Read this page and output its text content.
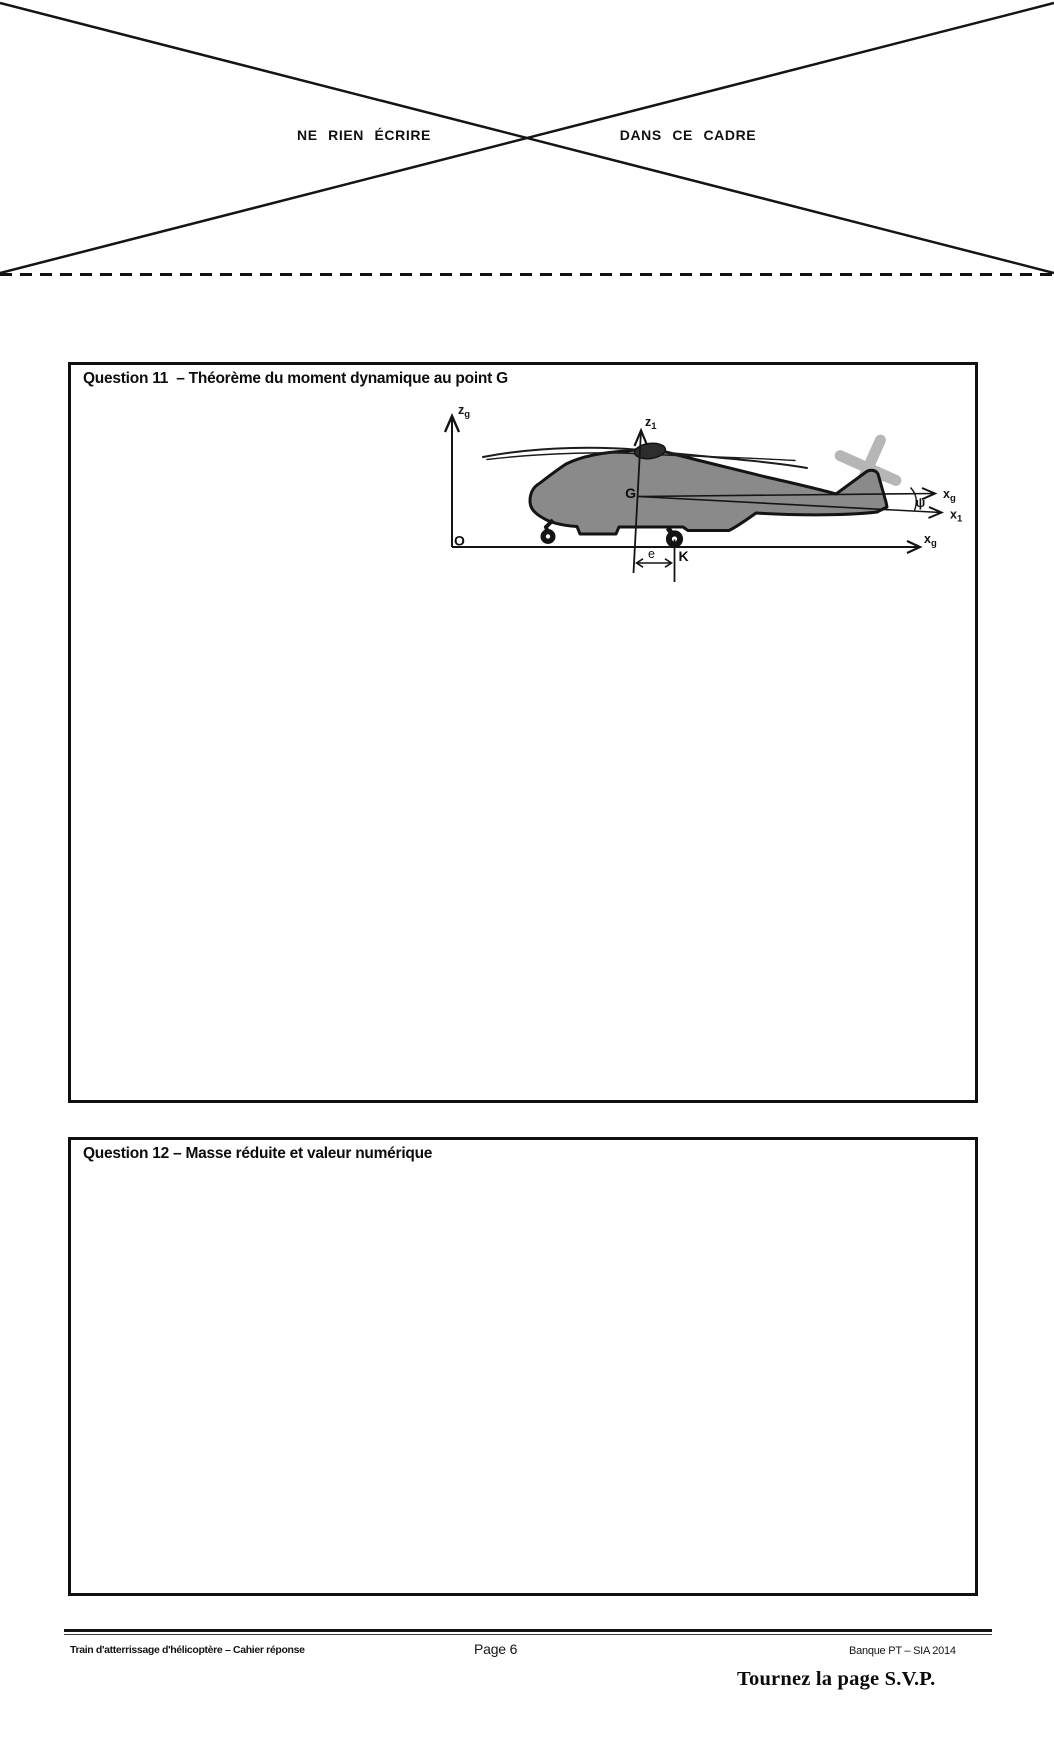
NE RIEN ÉCRIRE	DANS CE CADRE
Question 11  – Théorème du moment dynamique au point G
$z_g$
$z_1$
$x_g$
$x_1$
$x_g$
O
G
K
e
ψ
Question 12 – Masse réduite et valeur numérique
Train d'atterrissage d'hélicoptère – Cahier réponse	Page 6	Banque PT – SIA 2014
Tournez la page S.V.P.
